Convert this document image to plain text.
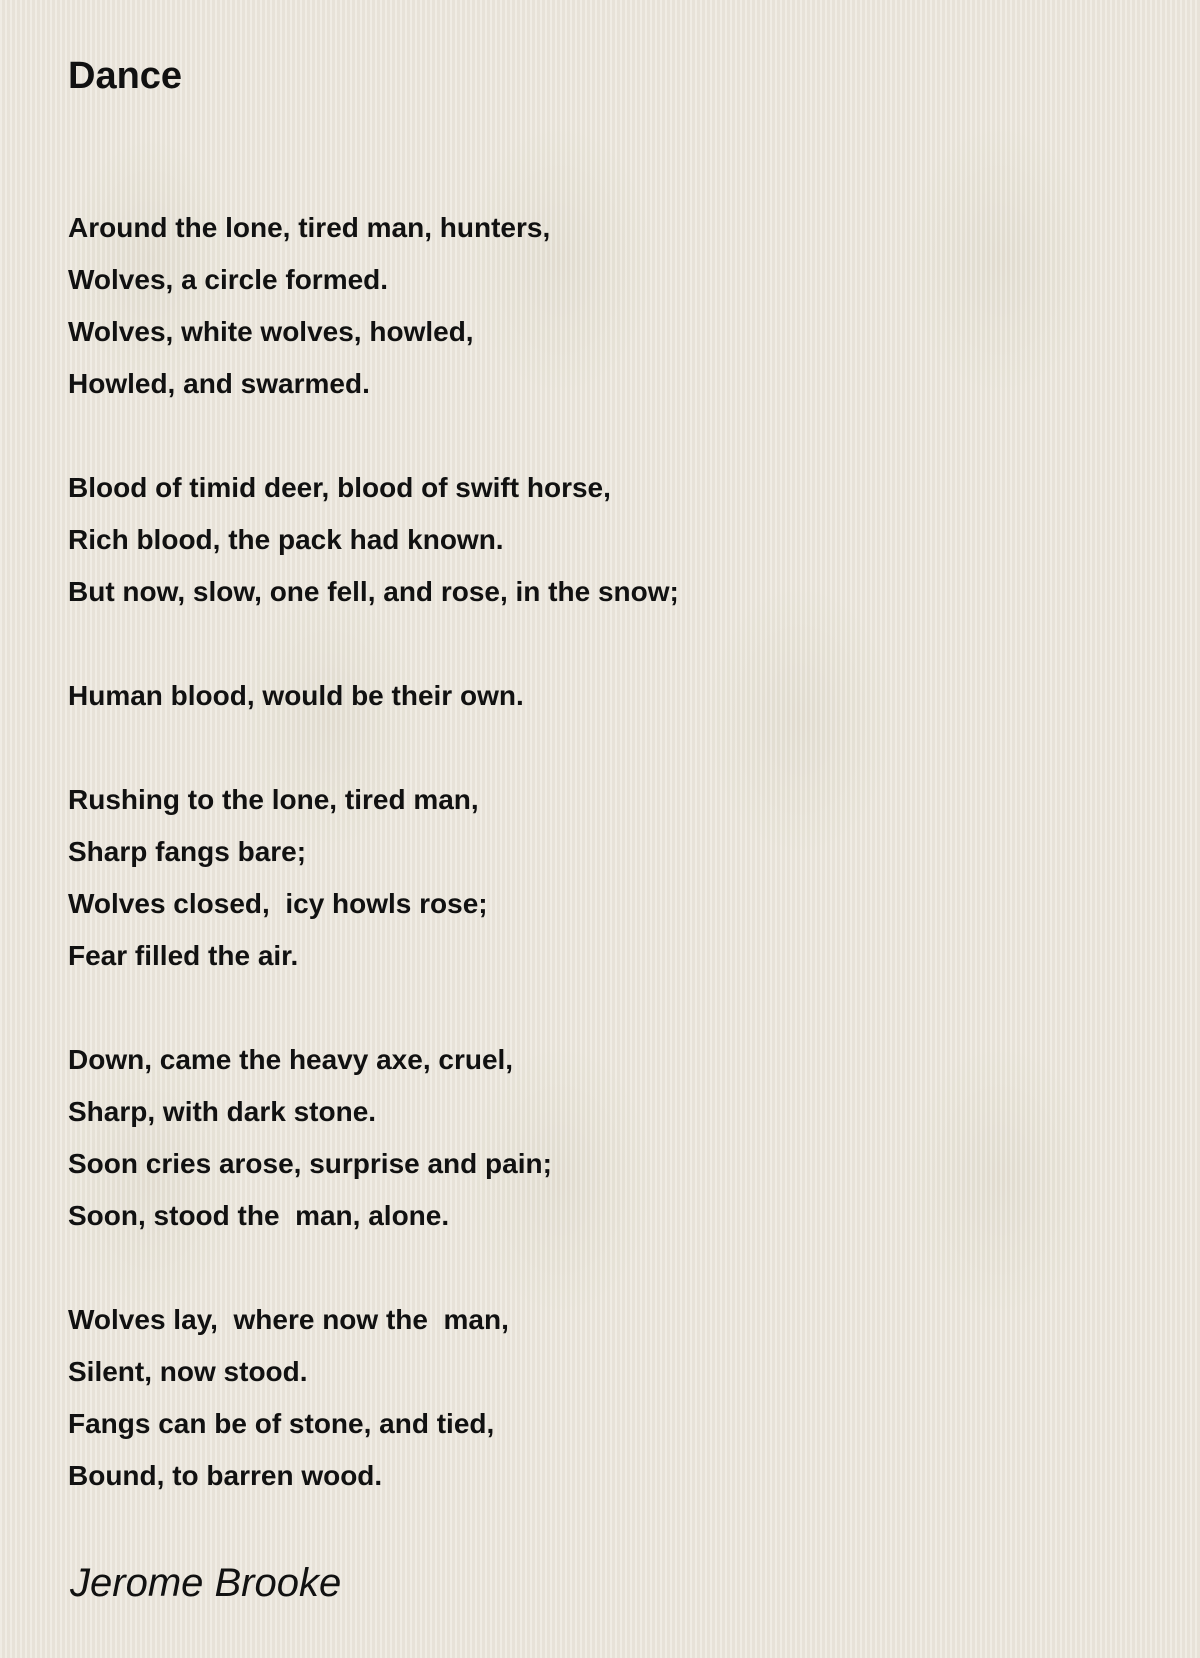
Dance
Around the lone, tired man, hunters,
Wolves, a circle formed.
Wolves, white wolves, howled,
Howled, and swarmed.
Blood of timid deer, blood of swift horse,
Rich blood, the pack had known.
But now, slow, one fell, and rose, in the snow;
Human blood, would be their own.
Rushing to the lone, tired man,
Sharp fangs bare;
Wolves closed,  icy howls rose;
Fear filled the air.
Down, came the heavy axe, cruel,
Sharp, with dark stone.
Soon cries arose, surprise and pain;
Soon, stood the  man, alone.
Wolves lay,  where now the  man,
Silent, now stood.
Fangs can be of stone, and tied,
Bound, to barren wood.
Jerome Brooke
